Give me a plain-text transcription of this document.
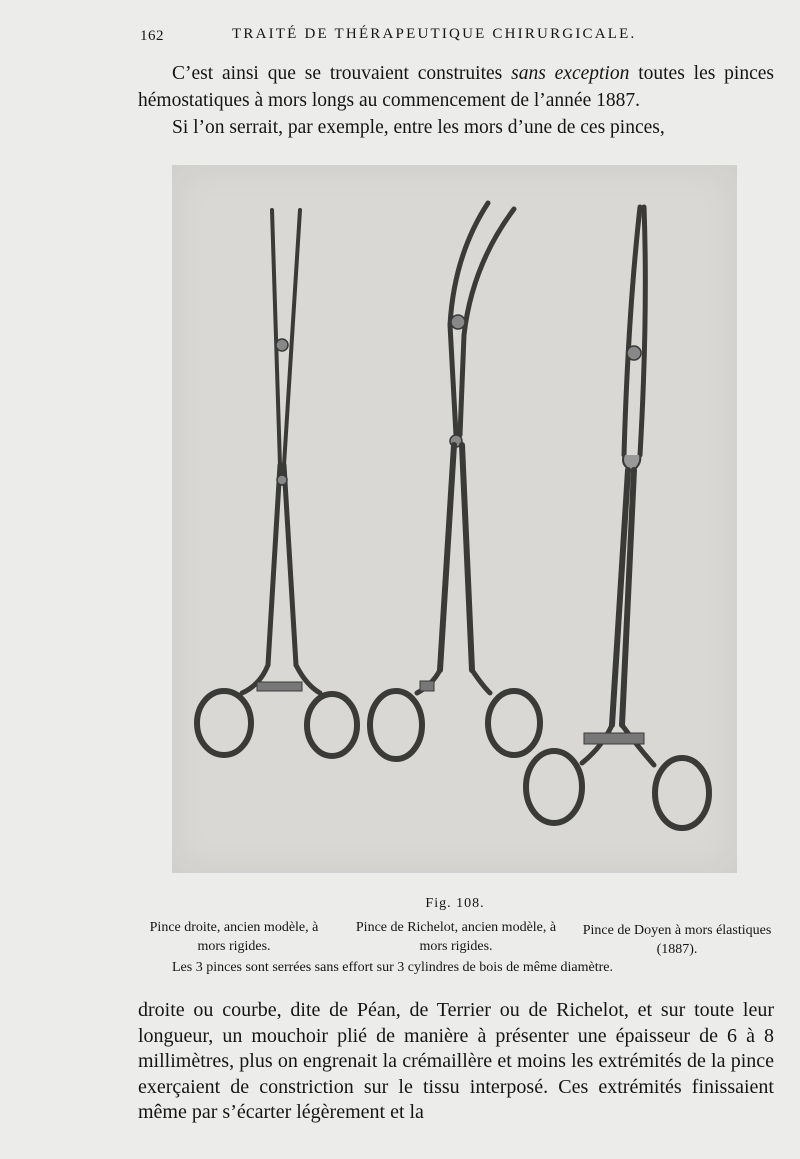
162	TRAITÉ DE THÉRAPEUTIQUE CHIRURGICALE.

C’est ainsi que se trouvaient construites sans exception toutes les pinces hémostatiques à mors longs au commencement de l’année 1887.

Si l’on serrait, par exemple, entre les mors d’une de ces pinces,

Fig. 108.
Pince droite, ancien modèle, à mors rigides.
Pince de Richelot, ancien modèle, à mors rigides.
Pince de Doyen à mors élastiques (1887).
Les 3 pinces sont serrées sans effort sur 3 cylindres de bois de même diamètre.

droite ou courbe, dite de Péan, de Terrier ou de Richelot, et sur toute leur longueur, un mouchoir plié de manière à présenter une épaisseur de 6 à 8 millimètres, plus on engrenait la crémaillère et moins les extrémités de la pince exerçaient de constriction sur le tissu interposé. Ces extrémités finissaient même par s’écarter légèrement et la
